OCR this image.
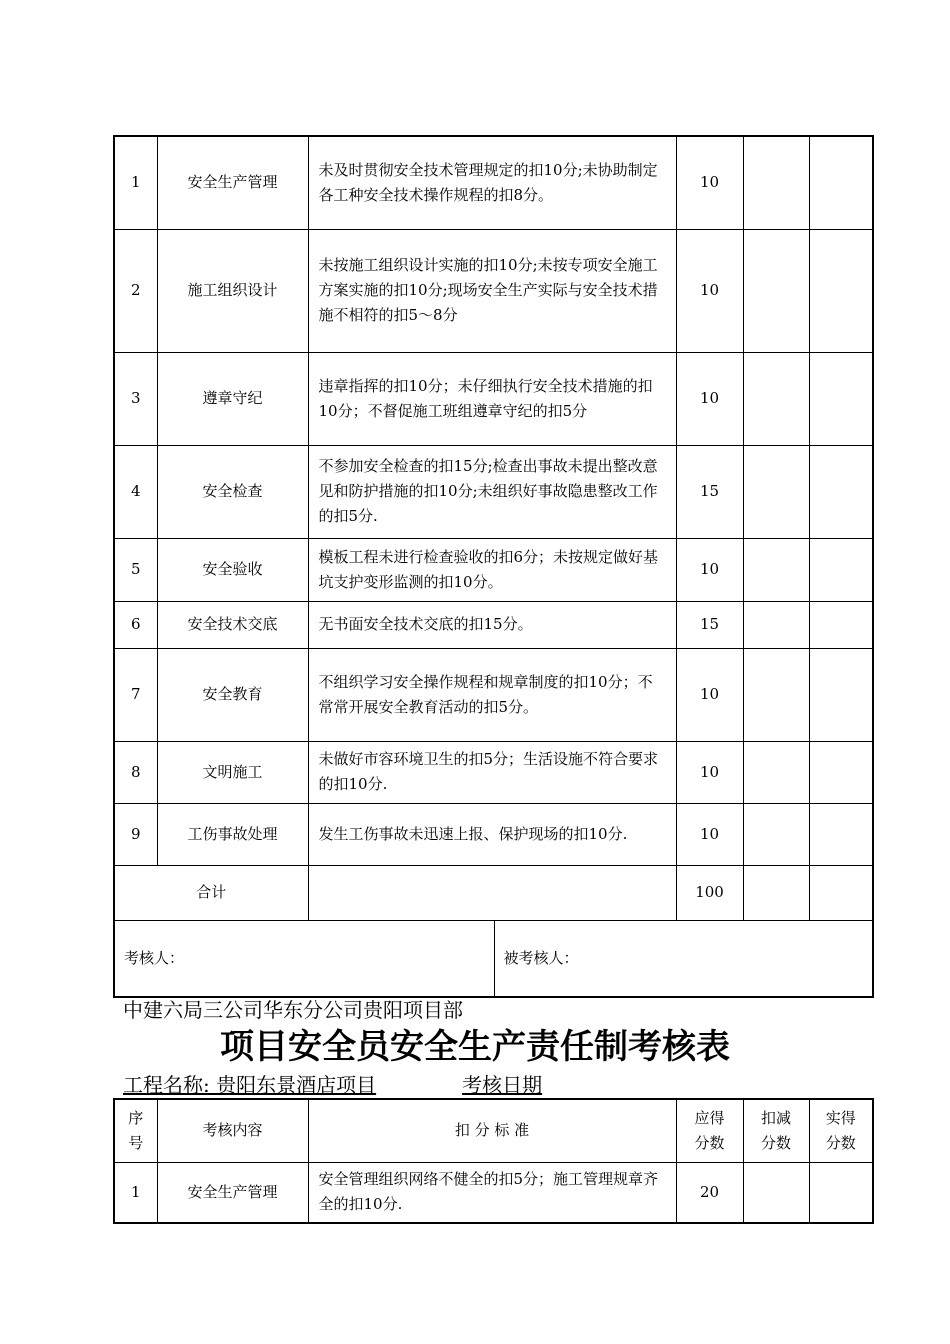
1	安全生产管理	未及时贯彻安全技术管理规定的扣10分;未协助制定各工种安全技术操作规程的扣8分。		10		
2	施工组织设计	未按施工组织设计实施的扣10分;未按专项安全施工方案实施的扣10分;现场安全生产实际与安全技术措施不相符的扣5～8分		10		
3	遵章守纪	违章指挥的扣10分；未仔细执行安全技术措施的扣10分；不督促施工班组遵章守纪的扣5分		10		
4	安全检查	不参加安全检查的扣15分;检查出事故未提出整改意见和防护措施的扣10分;未组织好事故隐患整改工作的扣5分.		15		
5	安全验收	模板工程未进行检查验收的扣6分；未按规定做好基坑支护变形监测的扣10分。		10		
6	安全技术交底	无书面安全技术交底的扣15分。		15		
7	安全教育	不组织学习安全操作规程和规章制度的扣10分；不常常开展安全教育活动的扣5分。		10		
8	文明施工	未做好市容环境卫生的扣5分；生活设施不符合要求的扣10分.		10		
9	工伤事故处理	发生工伤事故未迅速上报、保护现场的扣10分.		10		
合计				100		
考核人：			被考核人：			
中建六局三公司华东分公司贵阳项目部
项目安全员安全生产责任制考核表
工程名称: 贵阳东景酒店项目	考核日期
序号	考核内容	扣 分 标 准	应得分数	扣减分数	实得分数

1	安全生产管理	安全管理组织网络不健全的扣5分；施工管理规章齐全的扣10分.	20		
